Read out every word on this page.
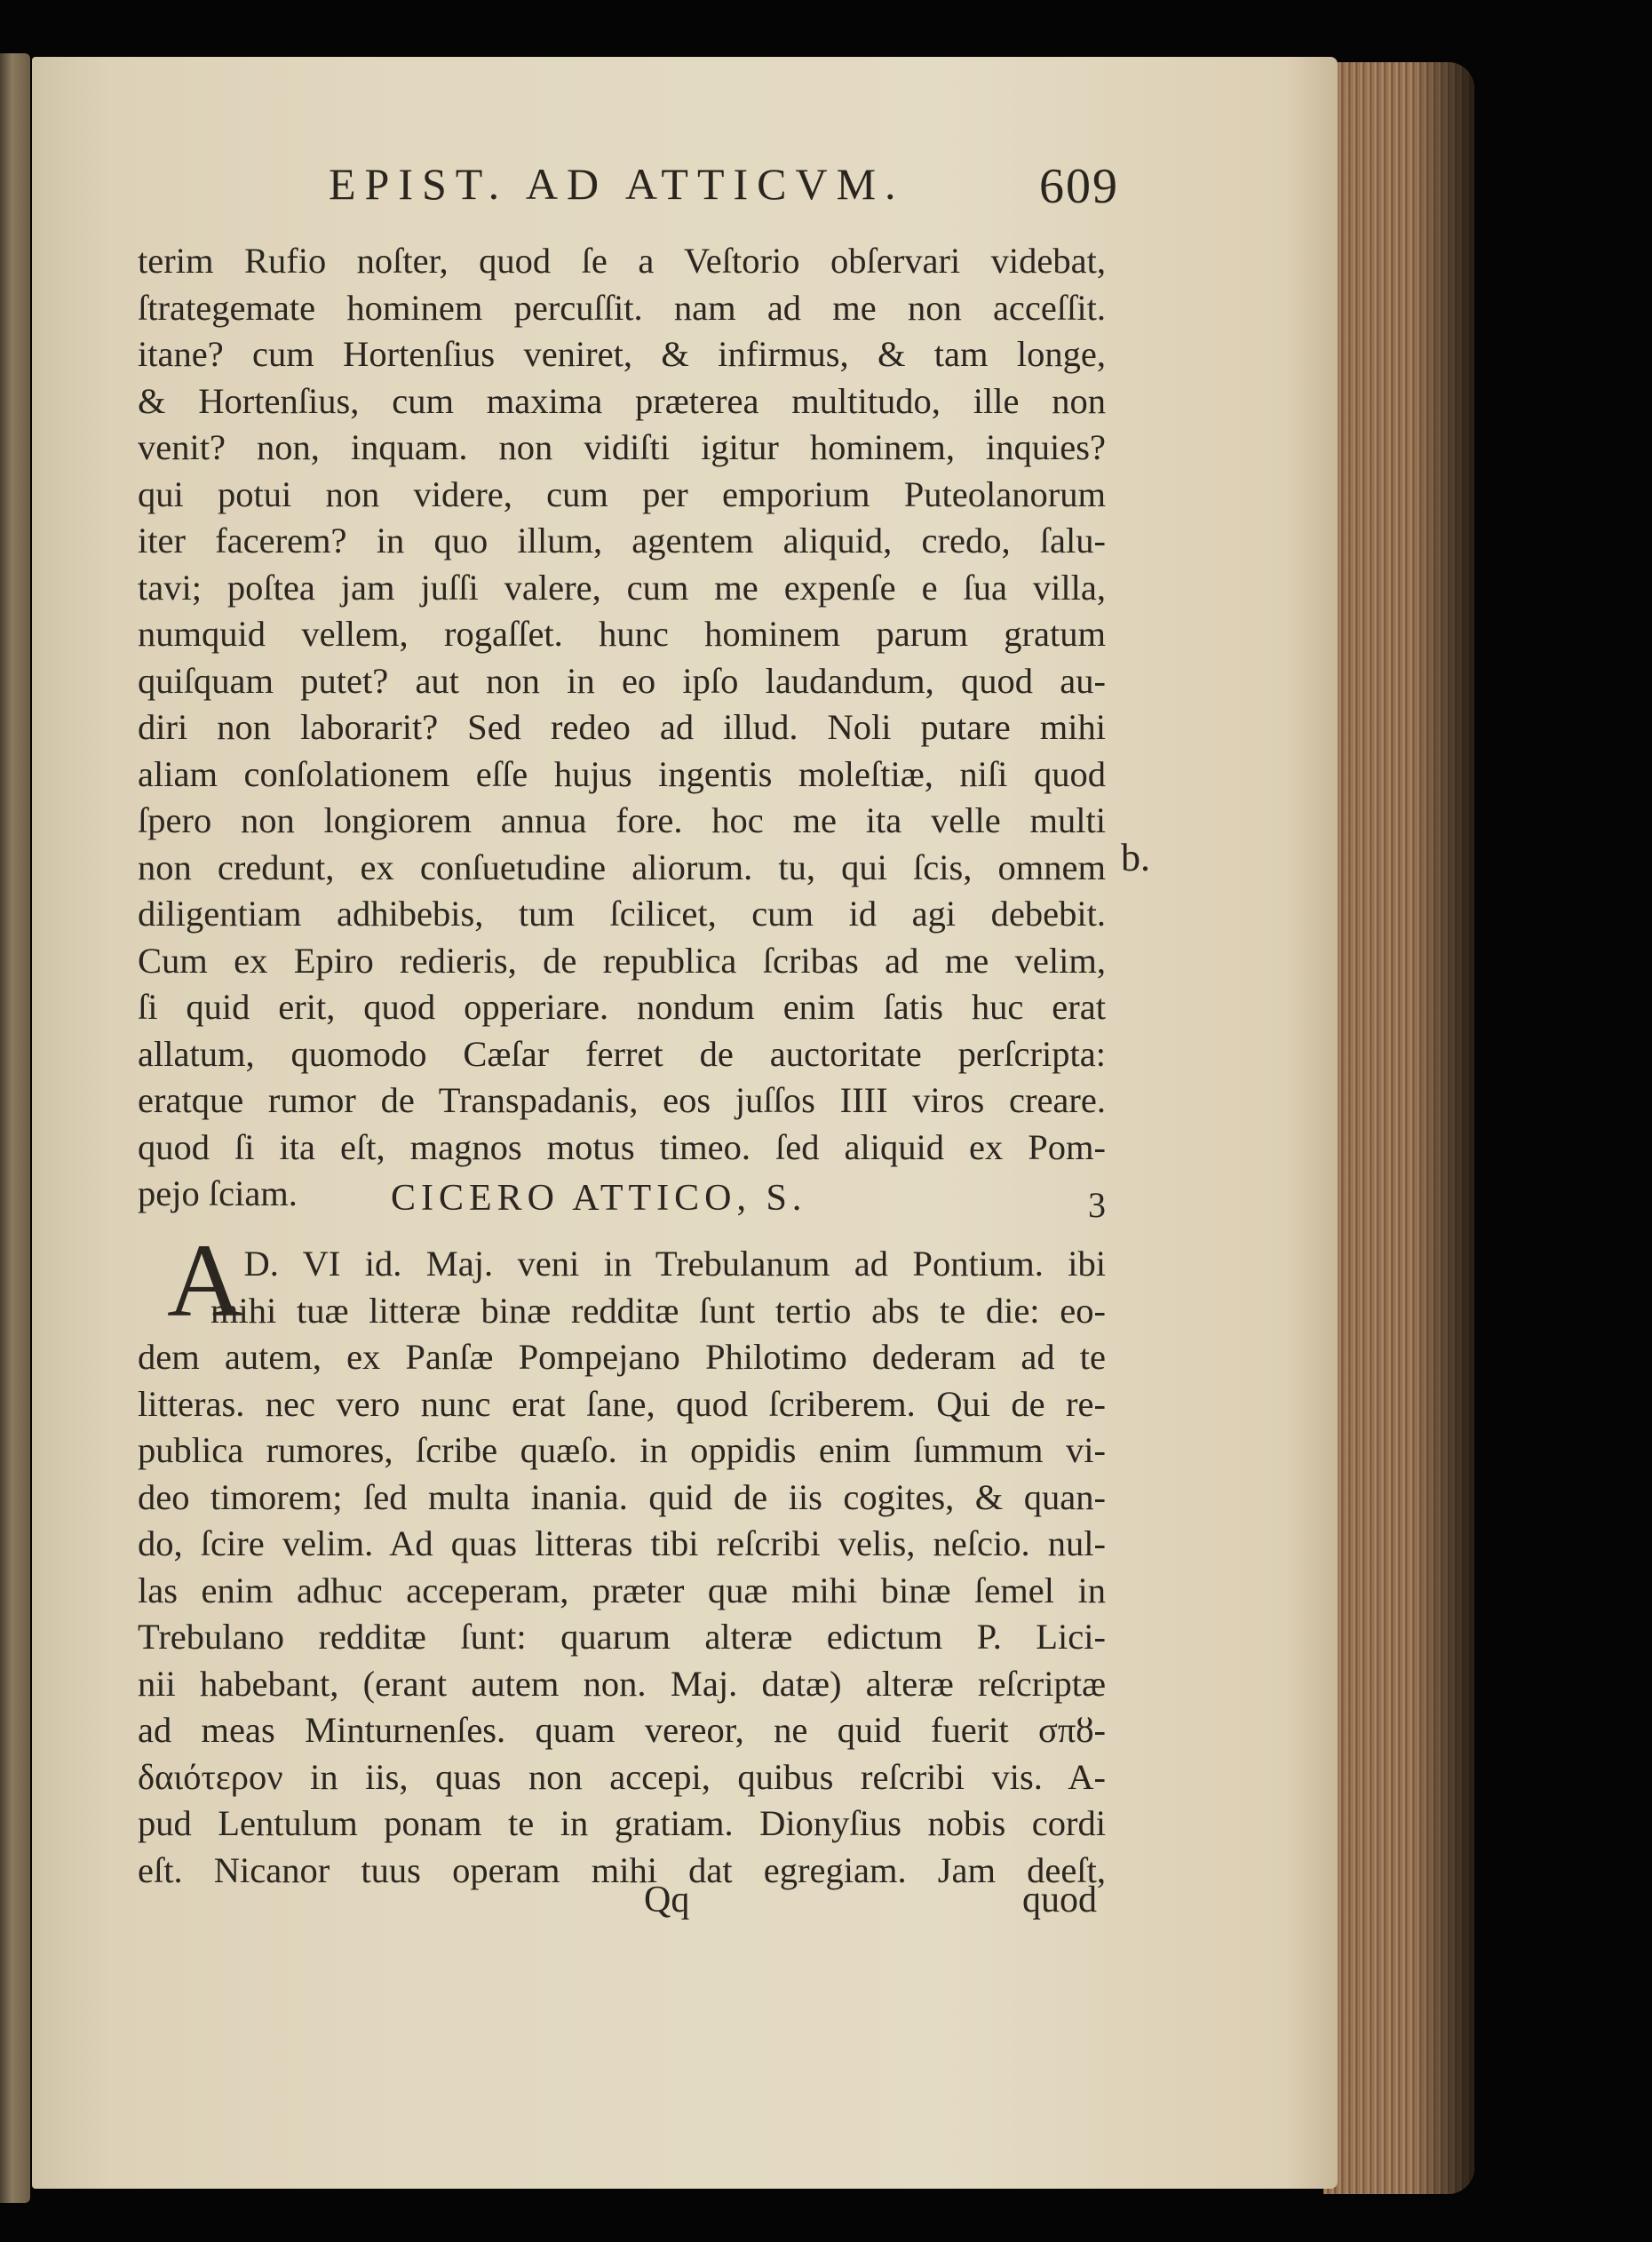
EPIST. AD ATTICVM.	609
terim Rufio noſter, quod ſe a Veſtorio obſervari videbat,
ſtrategemate hominem percuſſit. nam ad me non acceſſit.
itane? cum Hortenſius veniret, & infirmus, & tam longe,
& Hortenſius, cum maxima præterea multitudo, ille non
venit? non, inquam. non vidiſti igitur hominem, inquies?
qui potui non videre, cum per emporium Puteolanorum
iter facerem? in quo illum, agentem aliquid, credo, ſalu-
tavi; poſtea jam juſſi valere, cum me expenſe e ſua villa,
numquid vellem, rogaſſet. hunc hominem parum gratum
quiſquam putet? aut non in eo ipſo laudandum, quod au-
diri non laborarit? Sed redeo ad illud. Noli putare mihi
aliam conſolationem eſſe hujus ingentis moleſtiæ, niſi quod
ſpero non longiorem annua fore. hoc me ita velle multi
non credunt, ex conſuetudine aliorum. tu, qui ſcis, omnem
diligentiam adhibebis, tum ſcilicet, cum id agi debebit.
Cum ex Epiro redieris, de republica ſcribas ad me velim,
ſi quid erit, quod opperiare. nondum enim ſatis huc erat
allatum, quomodo Cæſar ferret de auctoritate perſcripta:
eratque rumor de Transpadanis, eos juſſos IIII viros creare.
quod ſi ita eſt, magnos motus timeo. ſed aliquid ex Pom-
pejo ſciam.
b.
CICERO ATTICO, S.	3
A
. D. VI id. Maj. veni in Trebulanum ad Pontium. ibi
mihi tuæ litteræ binæ redditæ ſunt tertio abs te die: eo-
dem autem, ex Panſæ Pompejano Philotimo dederam ad te
litteras. nec vero nunc erat ſane, quod ſcriberem. Qui de re-
publica rumores, ſcribe quæſo. in oppidis enim ſummum vi-
deo timorem; ſed multa inania. quid de iis cogites, & quan-
do, ſcire velim. Ad quas litteras tibi reſcribi velis, neſcio. nul-
las enim adhuc acceperam, præter quæ mihi binæ ſemel in
Trebulano redditæ ſunt: quarum alteræ edictum P. Lici-
nii habebant, (erant autem non. Maj. datæ) alteræ reſcriptæ
ad meas Minturnenſes. quam vereor, ne quid fuerit σπȣ-
δαιότερον in iis, quas non accepi, quibus reſcribi vis. A-
pud Lentulum ponam te in gratiam. Dionyſius nobis cordi
eſt. Nicanor tuus operam mihi dat egregiam. Jam deeſt,
Qq	quod
